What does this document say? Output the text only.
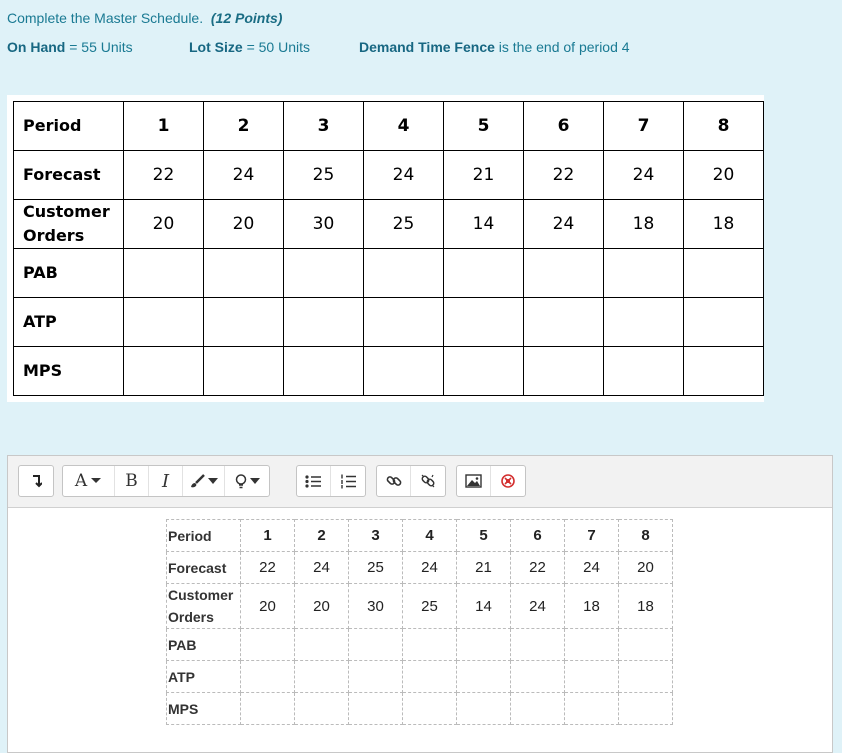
Complete the Master Schedule. (12 Points)
On Hand = 55 Units	Lot Size = 50 Units	Demand Time Fence is the end of period 4
Period	1	2	3	4	5	6	7	8
Forecast	22	24	25	24	21	22	24	20
Customer
Orders	20	20	30	25	14	24	18	18
PAB								
ATP								
MPS								
A B I
Period	1	2	3	4	5	6	7	8
Forecast	22	24	25	24	21	22	24	20
Customer
Orders	20	20	30	25	14	24	18	18
PAB								
ATP								
MPS								
